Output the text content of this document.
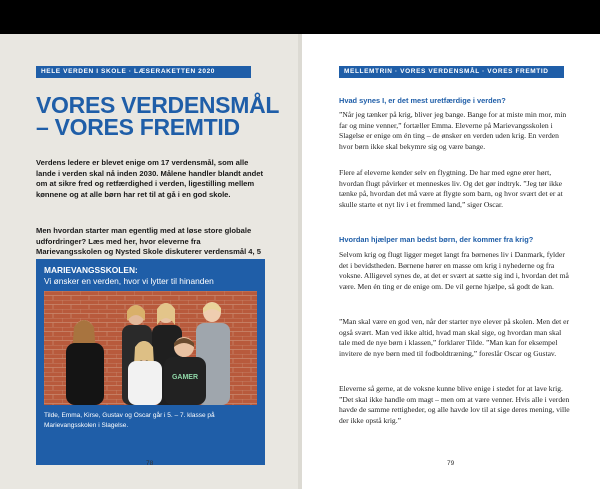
HELE VERDEN I SKOLE · LÆSERAKETTEN 2020
VORES VERDENSMÅL
– VORES FREMTID

Verdens ledere er blevet enige om 17 verdensmål, som alle lande i verden skal nå inden 2030. Målene handler blandt andet om at sikre fred og retfærdighed i verden, ligestilling mellem kønnene og at alle børn har ret til at gå i en god skole.

Men hvordan starter man egentlig med at løse store globale udfordringer? Læs med her, hvor eleverne fra Marievangsskolen og Nysted Skole diskuterer verdensmål 4, 5

MARIEVANGSSKOLEN:
Vi ønsker en verden, hvor vi lytter til hinanden
GAMER
Tilde, Emma, Kirse, Gustav og Oscar går i 5. – 7. klasse på Marievangsskolen i Slagelse.
78
MELLEMTRIN · VORES VERDENSMÅL · VORES FREMTID

Hvad synes I, er det mest uretfærdige i verden?

”Når jeg tænker på krig, bliver jeg bange. Bange for at miste min mor, min far og mine venner,” fortæller Emma. Eleverne på Marievangsskolen i Slagelse er enige om én ting – de ønsker en verden uden krig. En verden hvor børn ikke skal bekymre sig og være bange.

Flere af eleverne kender selv en flygtning. De har med egne ører hørt, hvordan flugt påvirker et menneskes liv. Og det gør indtryk. ”Jeg tør ikke tænke på, hvordan det må være at flygte som barn, og hvor svært det er at skulle starte et nyt liv i et fremmed land,” siger Oscar.

Hvordan hjælper man bedst børn, der kommer fra krig?

Selvom krig og flugt ligger meget langt fra børnenes liv i Danmark, fylder det i bevidstheden. Børnene hører en masse om krig i nyhederne og fra voksne. Alligevel synes de, at det er svært at sætte sig ind i, hvordan det må være. Men én ting er de enige om. De vil gerne hjælpe, så godt de kan.

”Man skal være en god ven, når der starter nye elever på skolen. Men det er også svært. Man ved ikke altid, hvad man skal sige, og hvordan man skal tale med de nye børn i klassen,” forklarer Tilde. ”Man kan for eksempel invitere de nye børn med til fodboldtræning,” foreslår Oscar og Gustav.

Eleverne så gerne, at de voksne kunne blive enige i stedet for at lave krig. ”Det skal ikke handle om magt – men om at være venner. Hvis alle i verden havde de samme rettigheder, og alle havde lov til at sige deres mening, ville der ikke opstå krig.”

79
